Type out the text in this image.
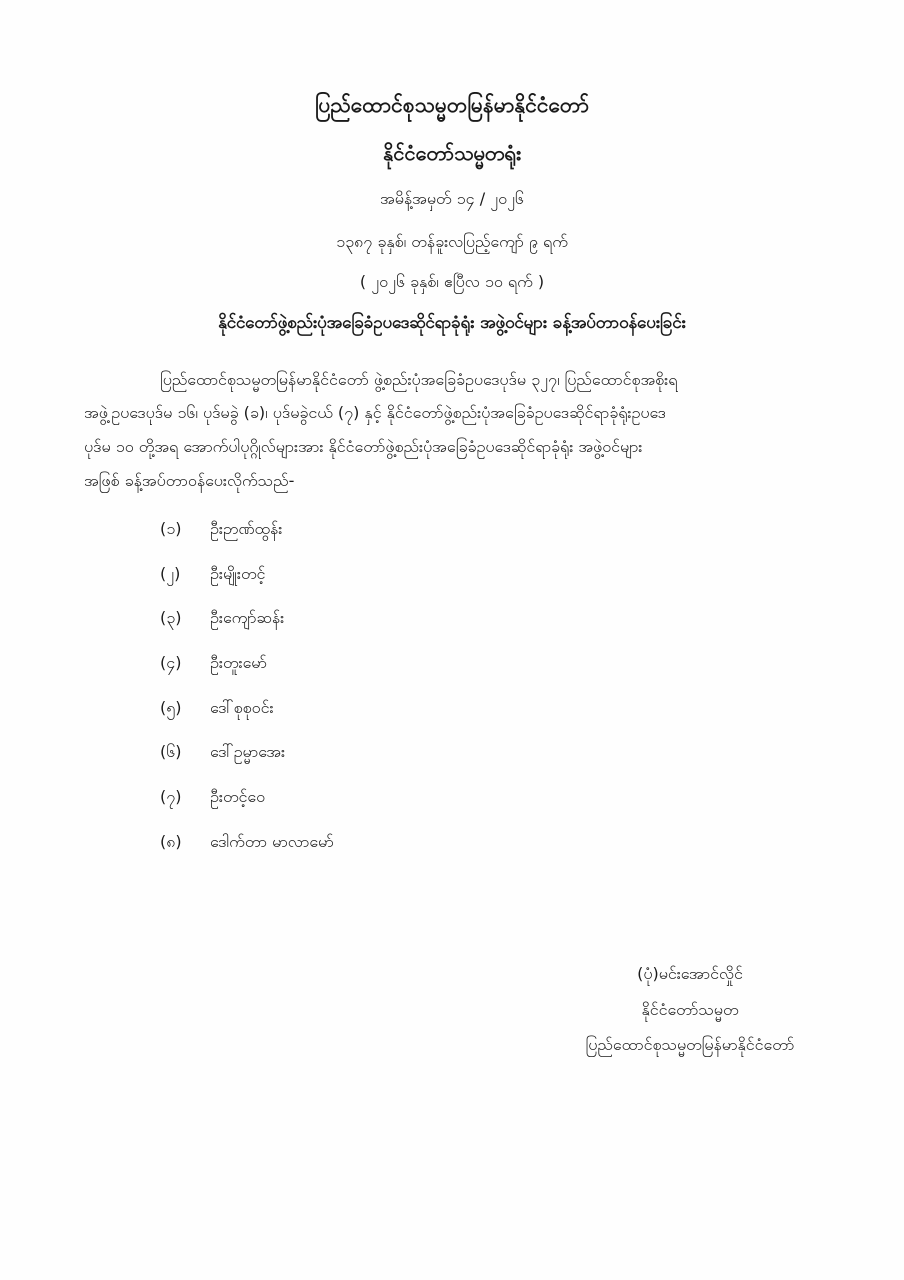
ပြည်ထောင်စုသမ္မတမြန်မာနိုင်ငံတော်
နိုင်ငံတော်သမ္မတရုံး
အမိန့်အမှတ် ၁၄ / ၂၀၂၆
၁၃၈၇ ခုနှစ်၊ တန်ခူးလပြည့်ကျော် ၉ ရက်
( ၂၀၂၆ ခုနှစ်၊ ဧပြီလ ၁၀ ရက် )
နိုင်ငံတော်ဖွဲ့စည်းပုံအခြေခံဥပဒေဆိုင်ရာခုံရုံး အဖွဲ့ဝင်များ ခန့်အပ်တာဝန်ပေးခြင်း
ပြည်ထောင်စုသမ္မတမြန်မာနိုင်ငံတော် ဖွဲ့စည်းပုံအခြေခံဥပဒေပုဒ်မ ၃၂၇၊ ပြည်ထောင်စုအစိုးရ
အဖွဲ့ဥပဒေပုဒ်မ ၁၆၊ ပုဒ်မခွဲ (ခ)၊ ပုဒ်မခွဲငယ် (၇) နှင့် နိုင်ငံတော်ဖွဲ့စည်းပုံအခြေခံဥပဒေဆိုင်ရာခုံရုံးဥပဒေ
ပုဒ်မ ၁၀ တို့အရ အောက်ပါပုဂ္ဂိုလ်များအား နိုင်ငံတော်ဖွဲ့စည်းပုံအခြေခံဥပဒေဆိုင်ရာခုံရုံး အဖွဲ့ဝင်များ
အဖြစ် ခန့်အပ်တာဝန်ပေးလိုက်သည်-
(၁) ဦးဉာဏ်ထွန်း
(၂) ဦးမျိုးတင့်
(၃) ဦးကျော်ဆန်း
(၄) ဦးတူးမော်
(၅) ဒေါ်စုစုဝင်း
(၆) ဒေါ်ဥမ္မာအေး
(၇) ဦးတင့်ဝေ
(၈) ဒေါက်တာ မာလာမော်
(ပုံ)မင်းအောင်လှိုင်
နိုင်ငံတော်သမ္မတ
ပြည်ထောင်စုသမ္မတမြန်မာနိုင်ငံတော်
